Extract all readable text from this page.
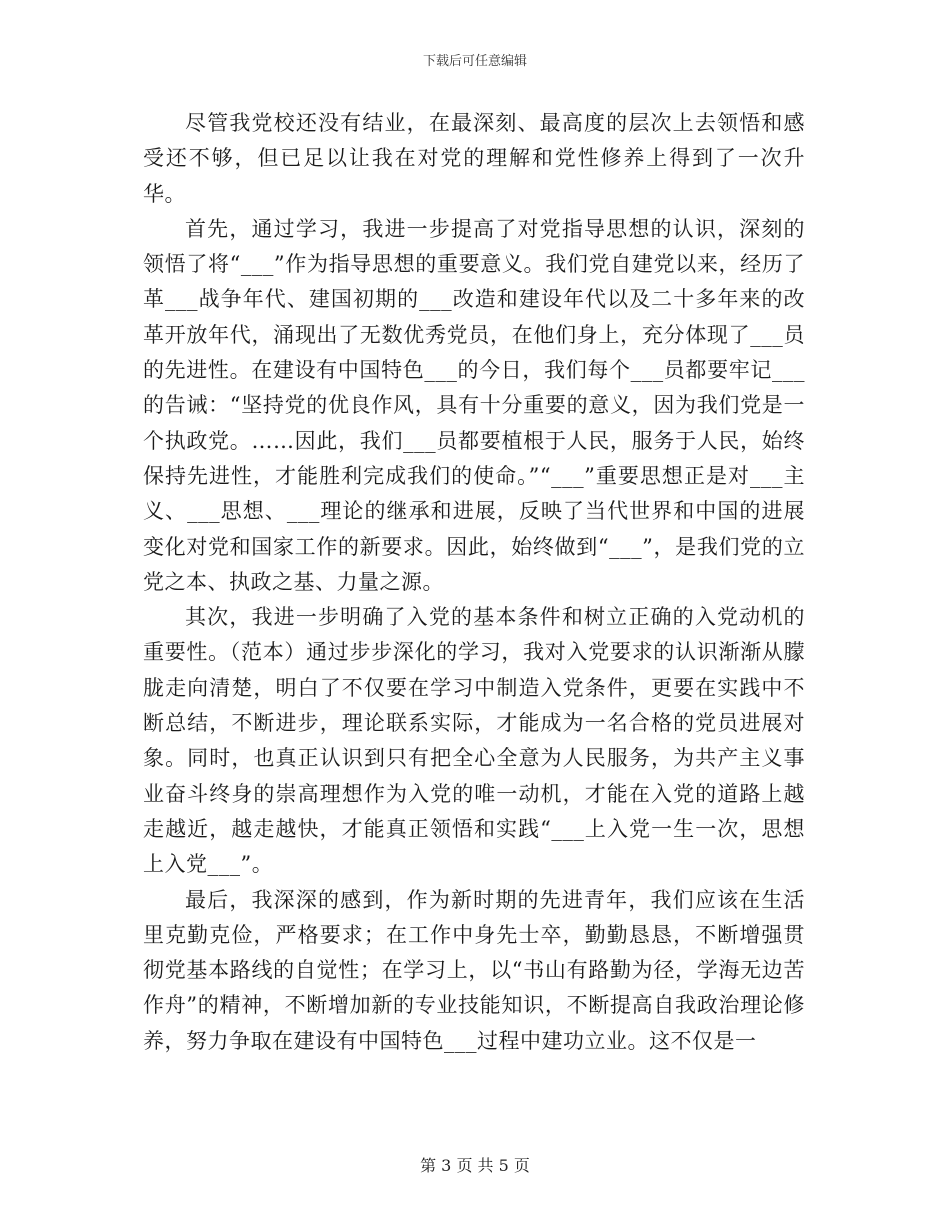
下载后可任意编辑

尽管我党校还没有结业，在最深刻、最高度的层次上去领悟和感受还不够，但已足以让我在对党的理解和党性修养上得到了一次升华。

首先，通过学习，我进一步提高了对党指导思想的认识，深刻的领悟了将“___”作为指导思想的重要意义。我们党自建党以来，经历了革___战争年代、建国初期的___改造和建设年代以及二十多年来的改革开放年代，涌现出了无数优秀党员，在他们身上，充分体现了___员的先进性。在建设有中国特色___的今日，我们每个___员都要牢记___的告诫：“坚持党的优良作风，具有十分重要的意义，因为我们党是一个执政党。……因此，我们___员都要植根于人民，服务于人民，始终保持先进性，才能胜利完成我们的使命。”“___”重要思想正是对___主义、___思想、___理论的继承和进展，反映了当代世界和中国的进展变化对党和国家工作的新要求。因此，始终做到“___”，是我们党的立党之本、执政之基、力量之源。

其次，我进一步明确了入党的基本条件和树立正确的入党动机的重要性。（范本）通过步步深化的学习，我对入党要求的认识渐渐从朦胧走向清楚，明白了不仅要在学习中制造入党条件，更要在实践中不断总结，不断进步，理论联系实际，才能成为一名合格的党员进展对象。同时，也真正认识到只有把全心全意为人民服务，为共产主义事业奋斗终身的崇高理想作为入党的唯一动机，才能在入党的道路上越走越近，越走越快，才能真正领悟和实践“___上入党一生一次，思想上入党___”。

最后，我深深的感到，作为新时期的先进青年，我们应该在生活里克勤克俭，严格要求；在工作中身先士卒，勤勤恳恳，不断增强贯彻党基本路线的自觉性；在学习上，以“书山有路勤为径，学海无边苦作舟”的精神，不断增加新的专业技能知识，不断提高自我政治理论修养，努力争取在建设有中国特色___过程中建功立业。这不仅是一

第 3 页 共 5 页
